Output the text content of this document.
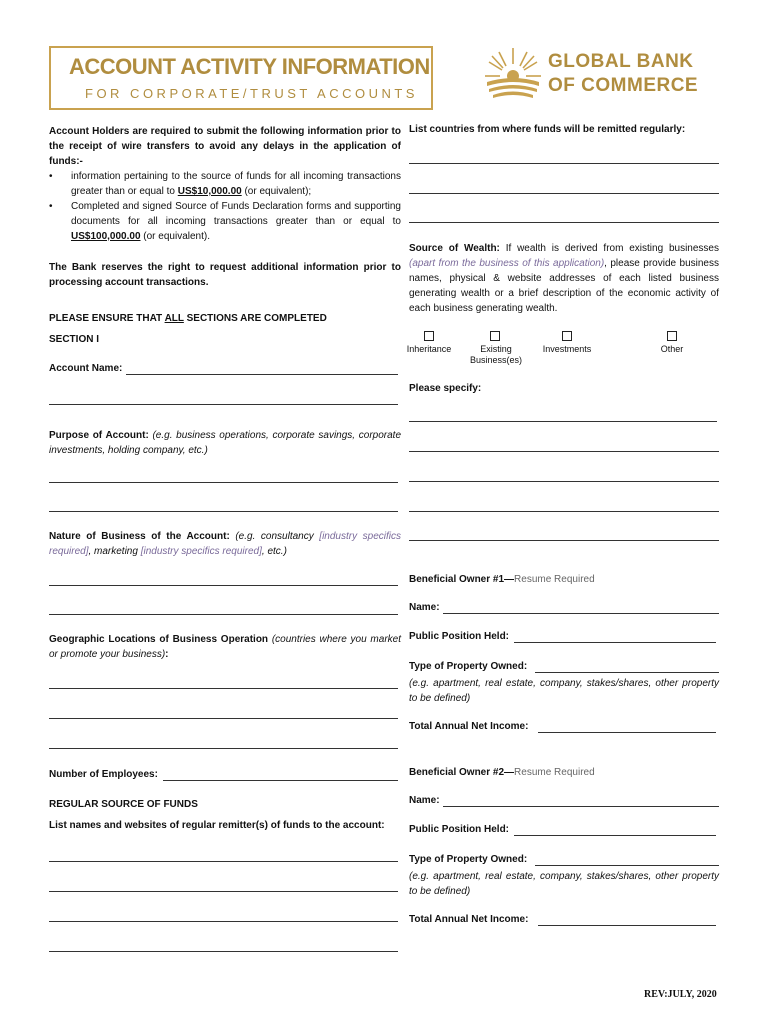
ACCOUNT ACTIVITY INFORMATION
FOR CORPORATE/TRUST ACCOUNTS
GLOBAL BANK
OF COMMERCE
Account Holders are required to submit the following information prior to the receipt of wire transfers to avoid any delays in the application of funds:-
• information pertaining to the source of funds for all incoming transactions greater than or equal to US$10,000.00 (or equivalent);
• Completed and signed Source of Funds Declaration forms and supporting documents for all incoming transactions greater than or equal to US$100,000.00 (or equivalent).
The Bank reserves the right to request additional information prior to processing account transactions.
PLEASE ENSURE THAT ALL SECTIONS ARE COMPLETED
SECTION I
Account Name:
Purpose of Account: (e.g. business operations, corporate savings, corporate investments, holding company, etc.)
Nature of Business of the Account: (e.g. consultancy [industry specifics required], marketing [industry specifics required], etc.)
Geographic Locations of Business Operation (countries where you market or promote your business):
Number of Employees:
REGULAR SOURCE OF FUNDS
List names and websites of regular remitter(s) of funds to the account:
List countries from where funds will be remitted regularly:
Source of Wealth: If wealth is derived from existing businesses (apart from the business of this application), please provide business names, physical & website addresses of each listed business generating wealth or a brief description of the economic activity of each business generating wealth.
Inheritance	Existing Business(es)
Investments	Other
Please specify:
Beneficial Owner #1—Resume Required
Name:
Public Position Held:
Type of Property Owned:
(e.g. apartment, real estate, company, stakes/shares, other property to be defined)
Total Annual Net Income:
Beneficial Owner #2—Resume Required
Name:
Public Position Held:
Type of Property Owned:
(e.g. apartment, real estate, company, stakes/shares, other property to be defined)
Total Annual Net Income:
REV:JULY, 2020
